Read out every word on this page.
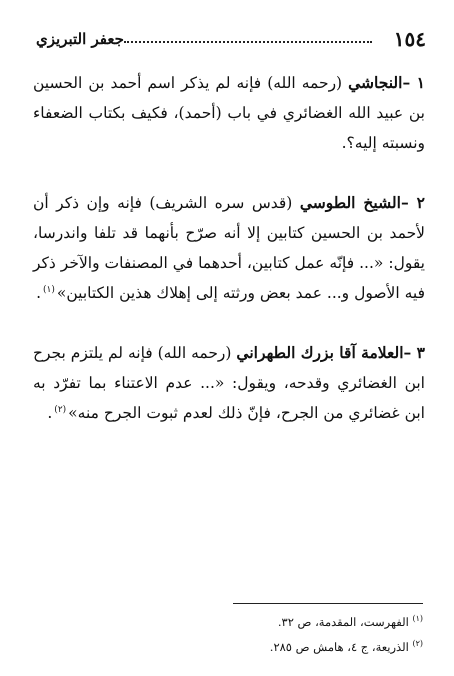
١٥٤
جعفر التبريزي

١ –النجاشي (رحمه الله) فإنه لم يذكر اسم أحمد بن الحسين بن عبيد الله الغضائري في باب (أحمد)، فكيف بكتاب الضعفاء ونسبته إليه؟.

٢ –الشيخ الطوسي (قدس سره الشريف) فإنه وإن ذكر أن لأحمد بن الحسين كتابين إلا أنه صرّح بأنهما قد تلفا واندرسا، يقول: «... فإنّه عمل كتابين، أحدهما في المصنفات والآخر ذكر فيه الأصول و... عمد بعض ورثته إلى إهلاك هذين الكتابين»$^{(١)}$.

٣ –العلامة آقا بزرك الطهراني (رحمه الله) فإنه لم يلتزم بجرح ابن الغضائري وقدحه، ويقول: «... عدم الاعتناء بما تفرّد به ابن غضائري من الجرح، فإنّ ذلك لعدم ثبوت الجرح منه»$^{(٢)}$.

$^{(١)}$ الفهرست، المقدمة، ص ٣٢.

$^{(٢)}$ الذريعة، ج ٤، هامش ص ٢٨٥.
